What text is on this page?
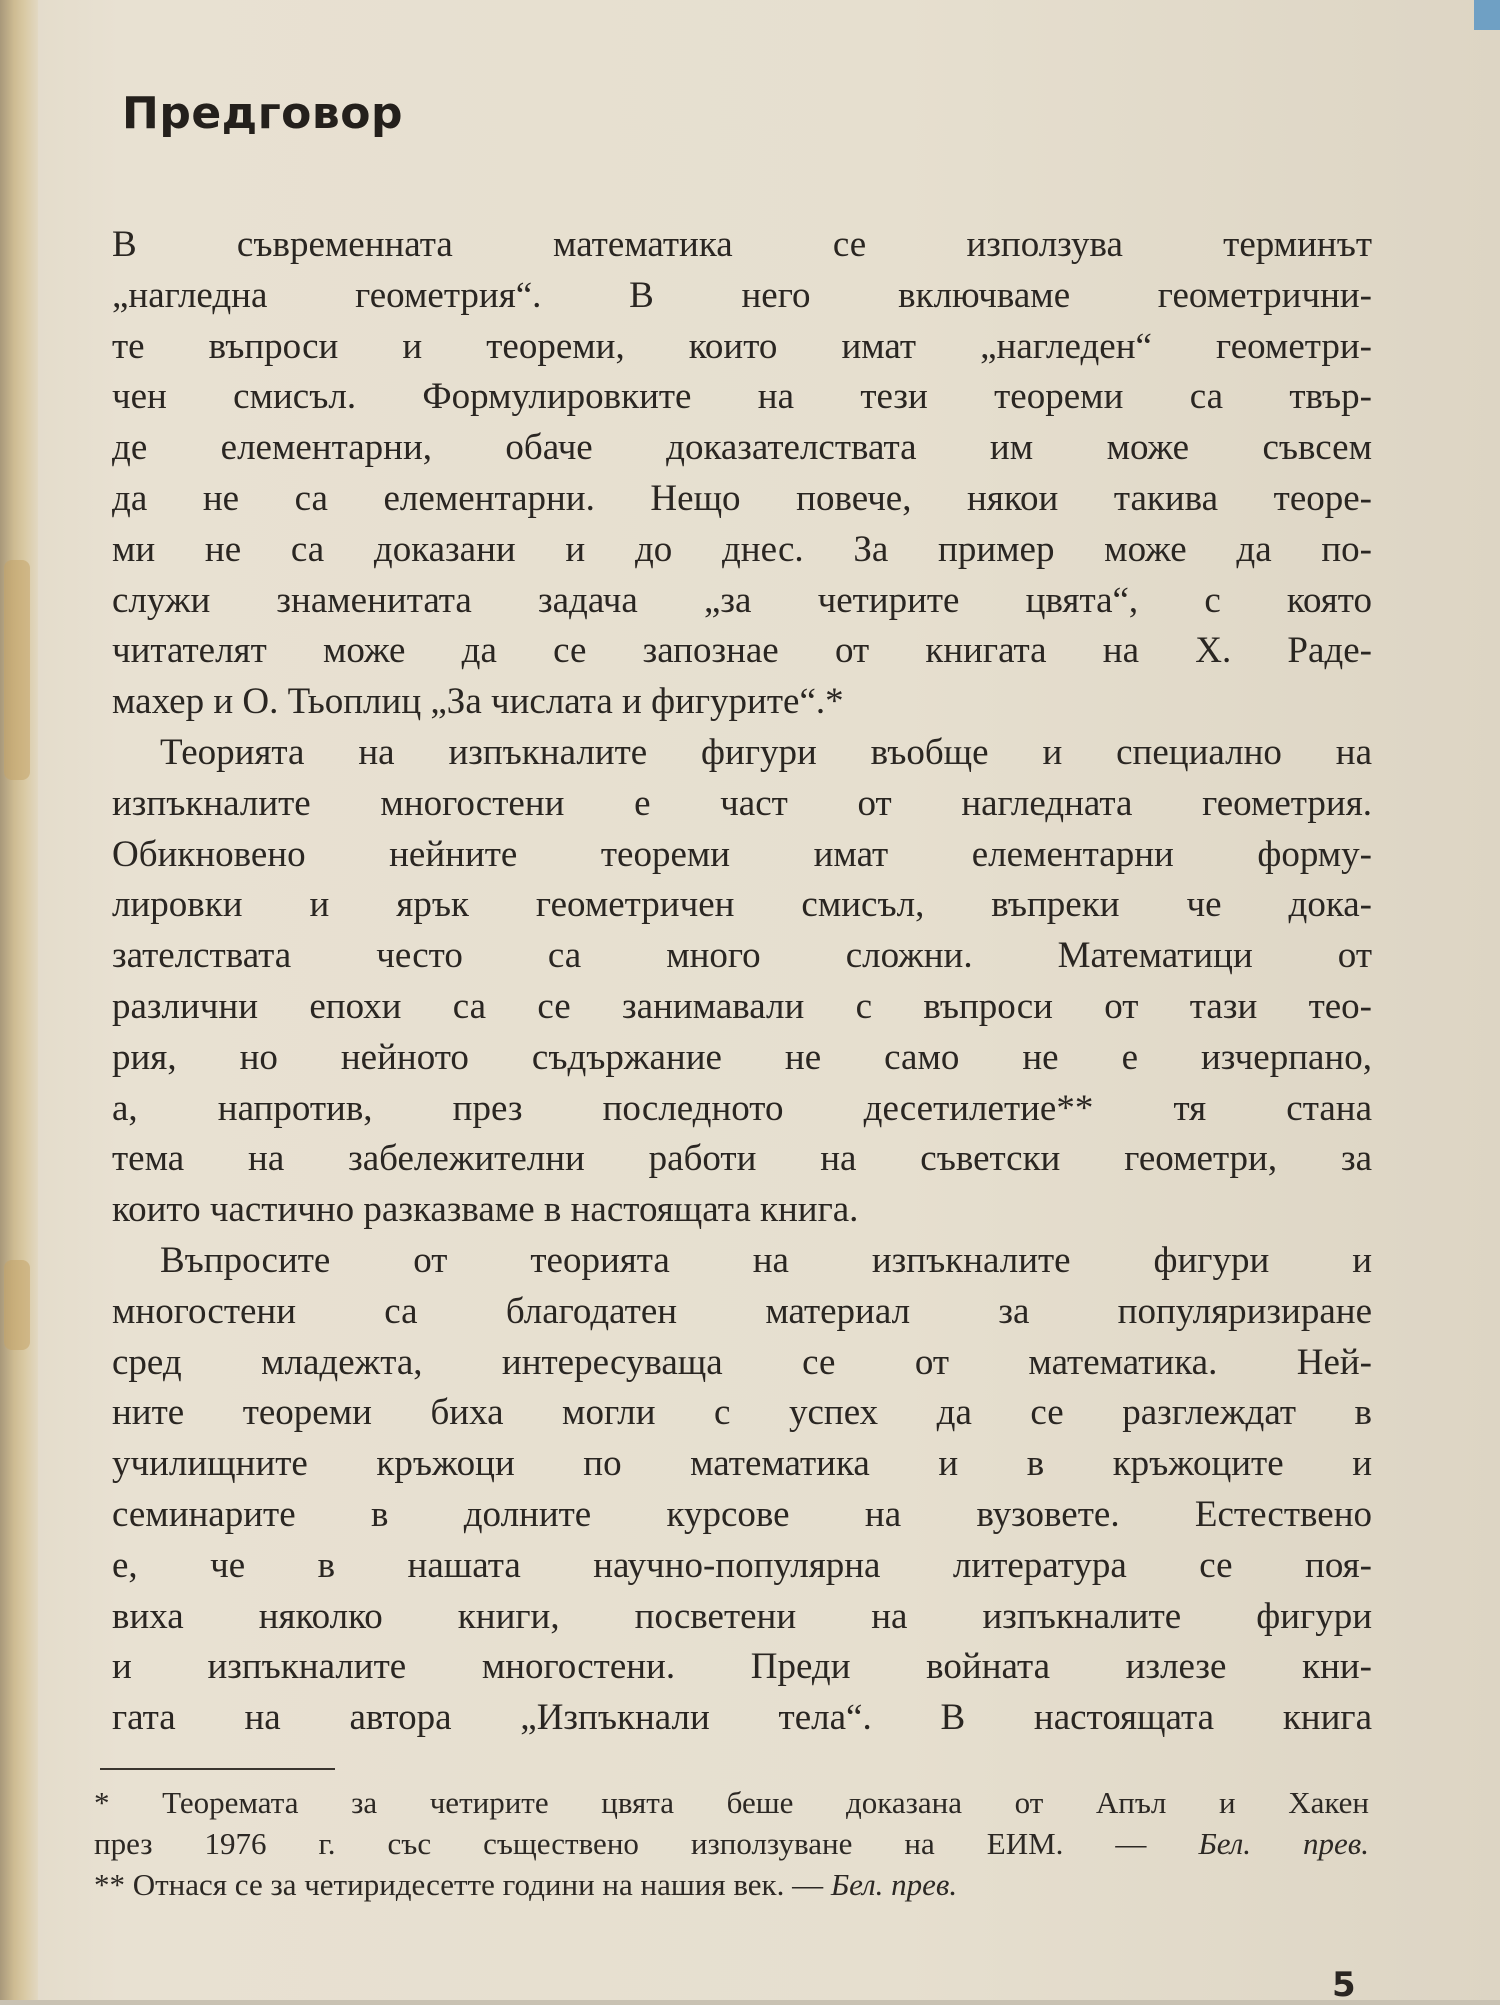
Предговор
В съвременната математика се използува терминът
„нагледна геометрия“. В него включваме геометрични-
те въпроси и теореми, които имат „нагледен“ геометри-
чен смисъл. Формулировките на тези теореми са твър-
де елементарни, обаче доказателствата им може съвсем
да не са елементарни. Нещо повече, някои такива теоре-
ми не са доказани и до днес. За пример може да по-
служи знаменитата задача „за четирите цвята“, с която
читателят може да се запознае от книгата на Х. Раде-
махер и О. Тьоплиц „За числата и фигурите“.*
Теорията на изпъкналите фигури въобще и специално на
изпъкналите многостени е част от нагледната геометрия.
Обикновено нейните теореми имат елементарни форму-
лировки и ярък геометричен смисъл, въпреки че дока-
зателствата често са много сложни. Математици от
различни епохи са се занимавали с въпроси от тази тео-
рия, но нейното съдържание не само не е изчерпано,
а, напротив, през последното десетилетие** тя стана
тема на забележителни работи на съветски геометри, за
които частично разказваме в настоящата книга.
Въпросите от теорията на изпъкналите фигури и
многостени са благодатен материал за популяризиране
сред младежта, интересуваща се от математика. Ней-
ните теореми биха могли с успех да се разглеждат в
училищните кръжоци по математика и в кръжоците и
семинарите в долните курсове на вузовете. Естествено
е, че в нашата научно-популярна литература се поя-
виха няколко книги, посветени на изпъкналите фигури
и изпъкналите многостени. Преди войната излезе кни-
гата на автора „Изпъкнали тела“. В настоящата книга
* Теоремата за четирите цвята беше доказана от Апъл и Хакен
през 1976 г. със съществено използуване на ЕИМ. — Бел. прев.
** Отнася се за четиридесетте години на нашия век. — Бел. прев.
5
